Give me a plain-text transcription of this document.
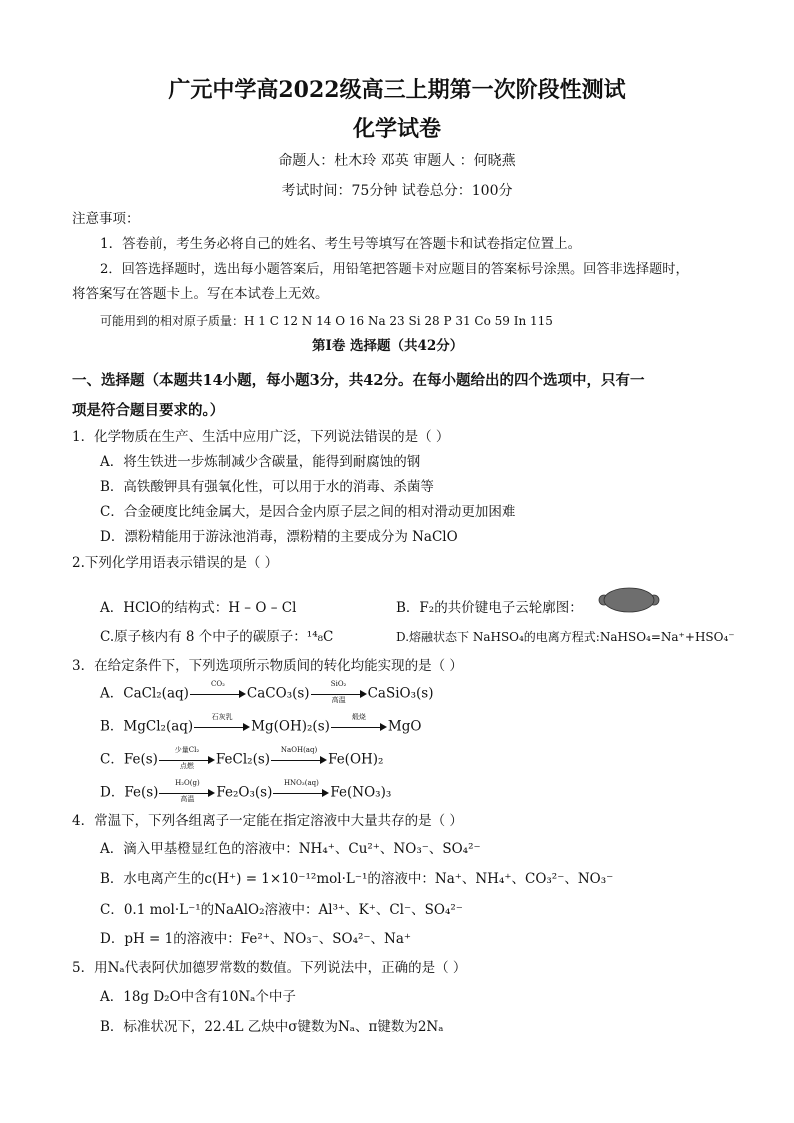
广元中学高2022级高三上期第一次阶段性测试
化学试卷
命题人：杜木玲 邓英 审题人 ：何晓燕
考试时间：75分钟 试卷总分：100分
注意事项：
1．答卷前，考生务必将自己的姓名、考生号等填写在答题卡和试卷指定位置上。
2．回答选择题时，选出每小题答案后，用铅笔把答题卡对应题目的答案标号涂黑。回答非选择题时，
将答案写在答题卡上。写在本试卷上无效。
可能用到的相对原子质量：H 1 C 12 N 14 O 16 Na 23 Si 28 P 31 Co 59 In 115
第Ⅰ卷 选择题（共42分）
一、选择题（本题共14小题，每小题3分，共42分。在每小题给出的四个选项中，只有一
项是符合题目要求的。）
1．化学物质在生产、生活中应用广泛，下列说法错误的是（ ）
A．将生铁进一步炼制减少含碳量，能得到耐腐蚀的钢
B．高铁酸钾具有强氧化性，可以用于水的消毒、杀菌等
C．合金硬度比纯金属大，是因合金内原子层之间的相对滑动更加困难
D．漂粉精能用于游泳池消毒，漂粉精的主要成分为 NaClO
2.下列化学用语表示错误的是（ ）
A．HClO的结构式：H – O – Cl	B．F₂的共价键电子云轮廓图：
C.原子核内有 8 个中子的碳原子：¹⁴₈C	D.熔融状态下 NaHSO₄的电离方程式:NaHSO₄=Na⁺+HSO₄⁻
3．在给定条件下，下列选项所示物质间的转化均能实现的是（ ）
A．CaCl₂(aq)
CO₂
CaCO₃(s)
SiO₂
高温	CaSiO₃(s)
B．MgCl₂(aq)
石灰乳
Mg(OH)₂(s)
煅烧
MgO
C．Fe(s)
少量Cl₂
点燃	FeCl₂(s)
NaOH(aq)
Fe(OH)₂
D．Fe(s)
H₂O(g)
高温	Fe₂O₃(s)
HNO₃(aq)
Fe(NO₃)₃
4．常温下，下列各组离子一定能在指定溶液中大量共存的是（ ）
A．滴入甲基橙显红色的溶液中：NH₄⁺、Cu²⁺、NO₃⁻、SO₄²⁻
B．水电离产生的c(H⁺) = 1×10⁻¹²mol·L⁻¹的溶液中：Na⁺、NH₄⁺、CO₃²⁻、NO₃⁻
C．0.1 mol·L⁻¹的NaAlO₂溶液中：Al³⁺、K⁺、Cl⁻、SO₄²⁻
D．pH = 1的溶液中：Fe²⁺、NO₃⁻、SO₄²⁻、Na⁺
5．用Nₐ代表阿伏加德罗常数的数值。下列说法中，正确的是（ ）
A．18g D₂O中含有10Nₐ个中子
B．标准状况下，22.4L 乙炔中σ键数为Nₐ、π键数为2Nₐ
